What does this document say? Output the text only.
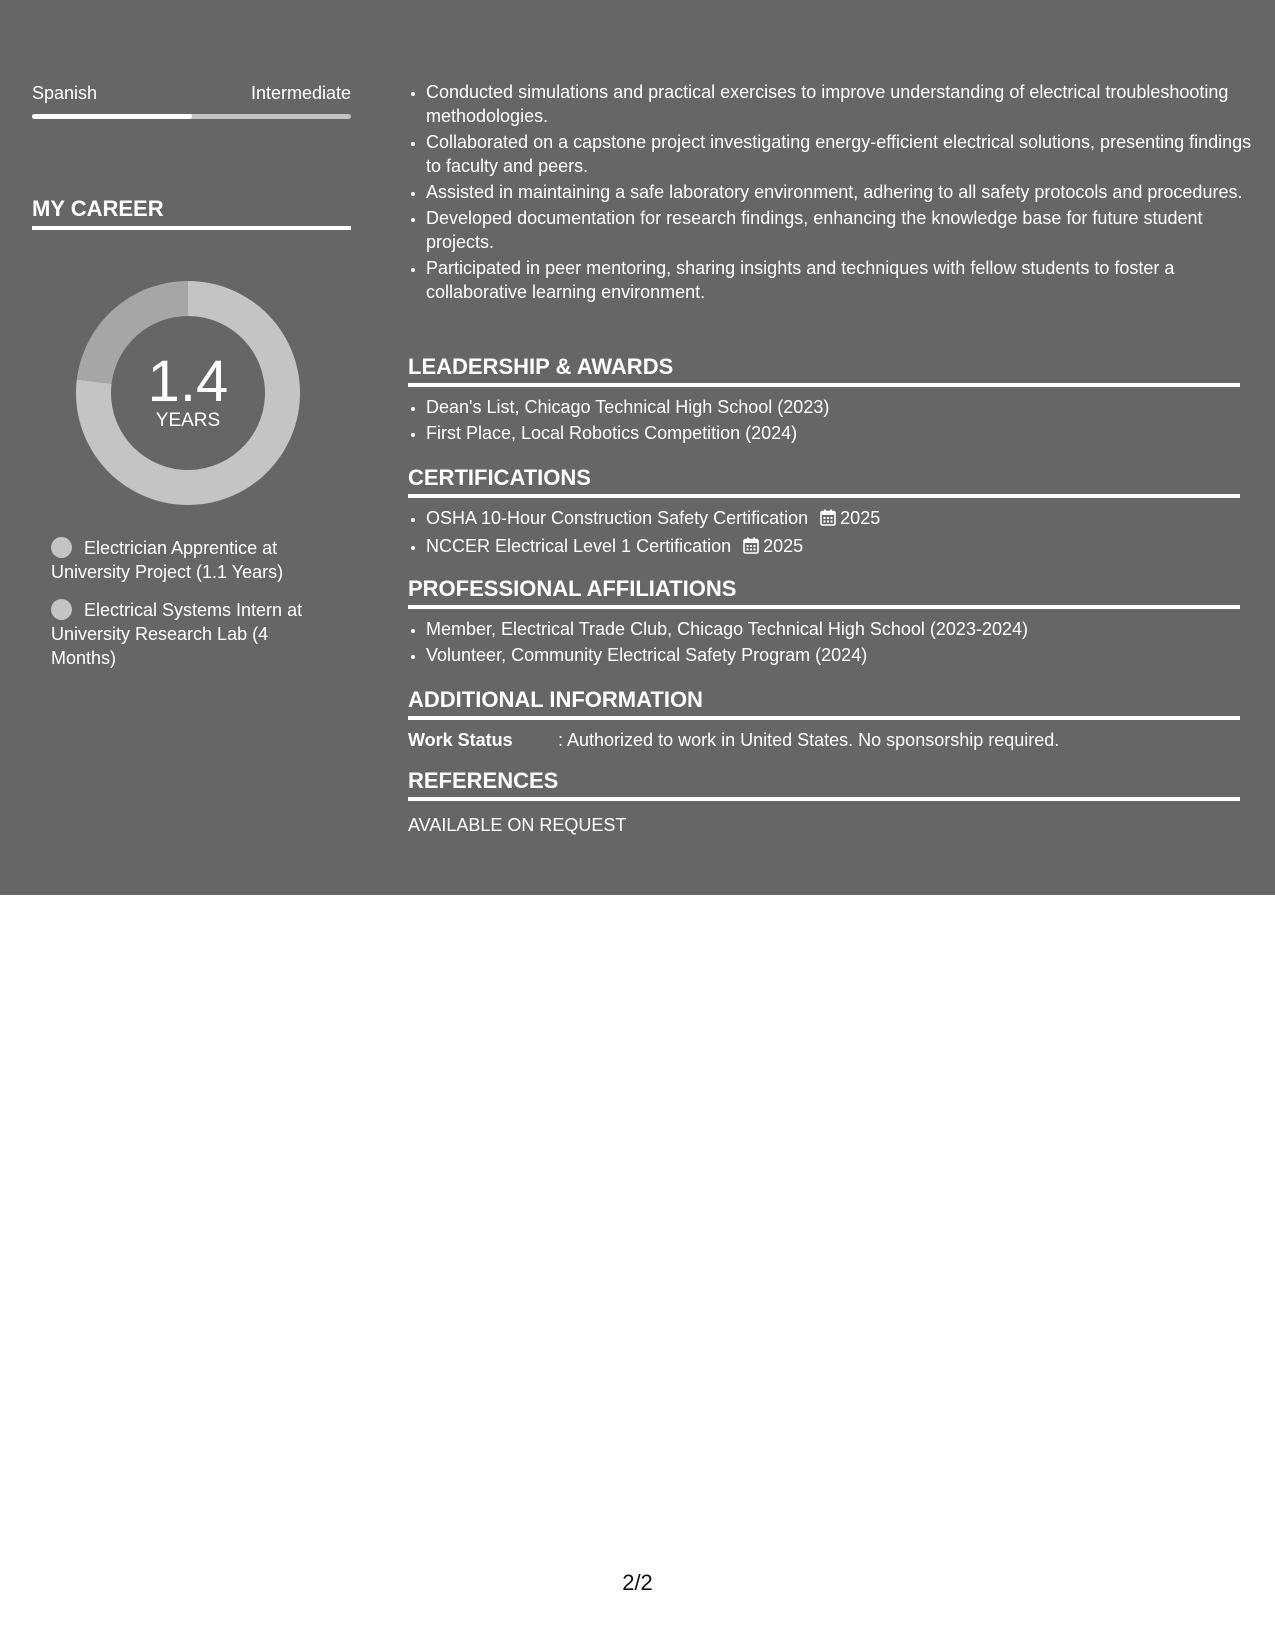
Spanish	Intermediate
MY CAREER
1.4
YEARS
Electrician Apprentice at University Project (1.1 Years)
Electrical Systems Intern at University Research Lab (4 Months)
• Conducted simulations and practical exercises to improve understanding of electrical troubleshooting methodologies.
• Collaborated on a capstone project investigating energy-efficient electrical solutions, presenting findings to faculty and peers.
• Assisted in maintaining a safe laboratory environment, adhering to all safety protocols and procedures.
• Developed documentation for research findings, enhancing the knowledge base for future student projects.
• Participated in peer mentoring, sharing insights and techniques with fellow students to foster a collaborative learning environment.
LEADERSHIP & AWARDS
• Dean's List, Chicago Technical High School (2023)
• First Place, Local Robotics Competition (2024)
CERTIFICATIONS
• OSHA 10-Hour Construction Safety Certification 2025
• NCCER Electrical Level 1 Certification 2025
PROFESSIONAL AFFILIATIONS
• Member, Electrical Trade Club, Chicago Technical High School (2023-2024)
• Volunteer, Community Electrical Safety Program (2024)
ADDITIONAL INFORMATION
Work Status	: Authorized to work in United States. No sponsorship required.
REFERENCES
AVAILABLE ON REQUEST
2/2
